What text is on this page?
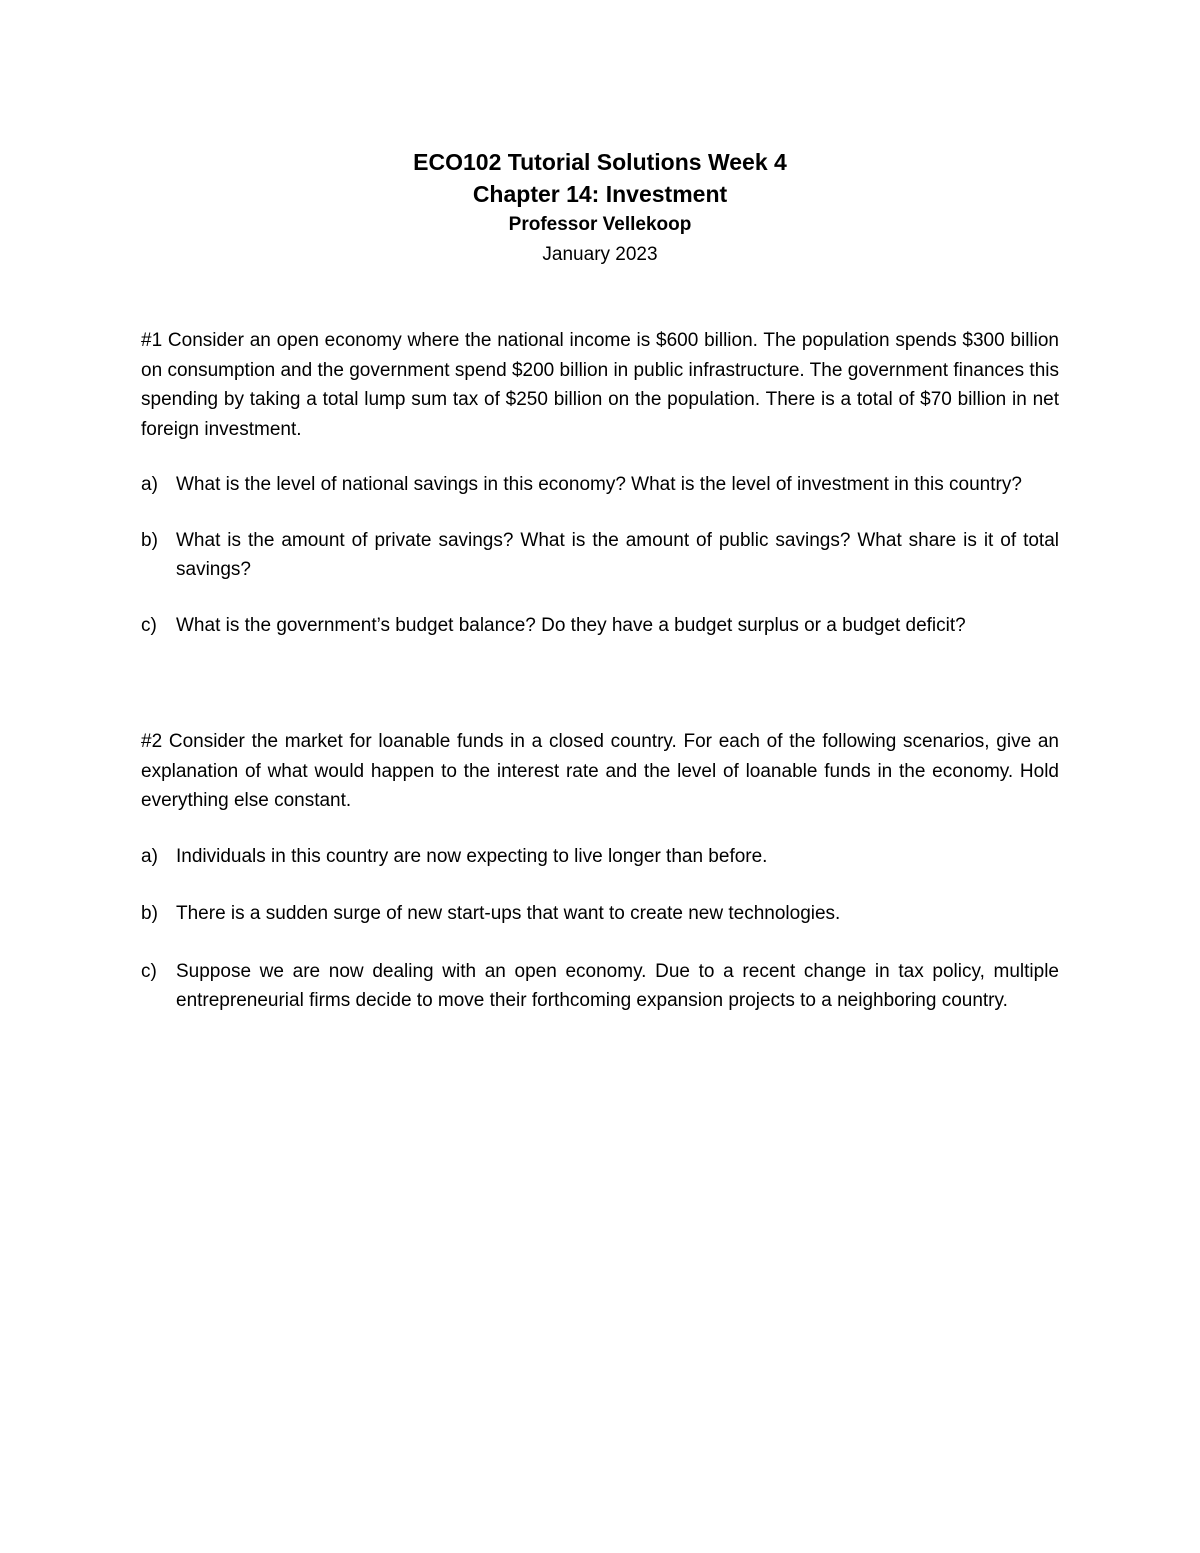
ECO102 Tutorial Solutions Week 4
Chapter 14: Investment
Professor Vellekoop
January 2023
#1 Consider an open economy where the national income is $600 billion. The population spends $300 billion on consumption and the government spend $200 billion in public infrastructure. The government finances this spending by taking a total lump sum tax of $250 billion on the population. There is a total of $70 billion in net foreign investment.
a) What is the level of national savings in this economy? What is the level of investment in this country?
b) What is the amount of private savings? What is the amount of public savings? What share is it of total savings?
c) What is the government’s budget balance? Do they have a budget surplus or a budget deficit?
#2 Consider the market for loanable funds in a closed country. For each of the following scenarios, give an explanation of what would happen to the interest rate and the level of loanable funds in the economy. Hold everything else constant.
a) Individuals in this country are now expecting to live longer than before.
b) There is a sudden surge of new start-ups that want to create new technologies.
c) Suppose we are now dealing with an open economy. Due to a recent change in tax policy, multiple entrepreneurial firms decide to move their forthcoming expansion projects to a neighboring country.
